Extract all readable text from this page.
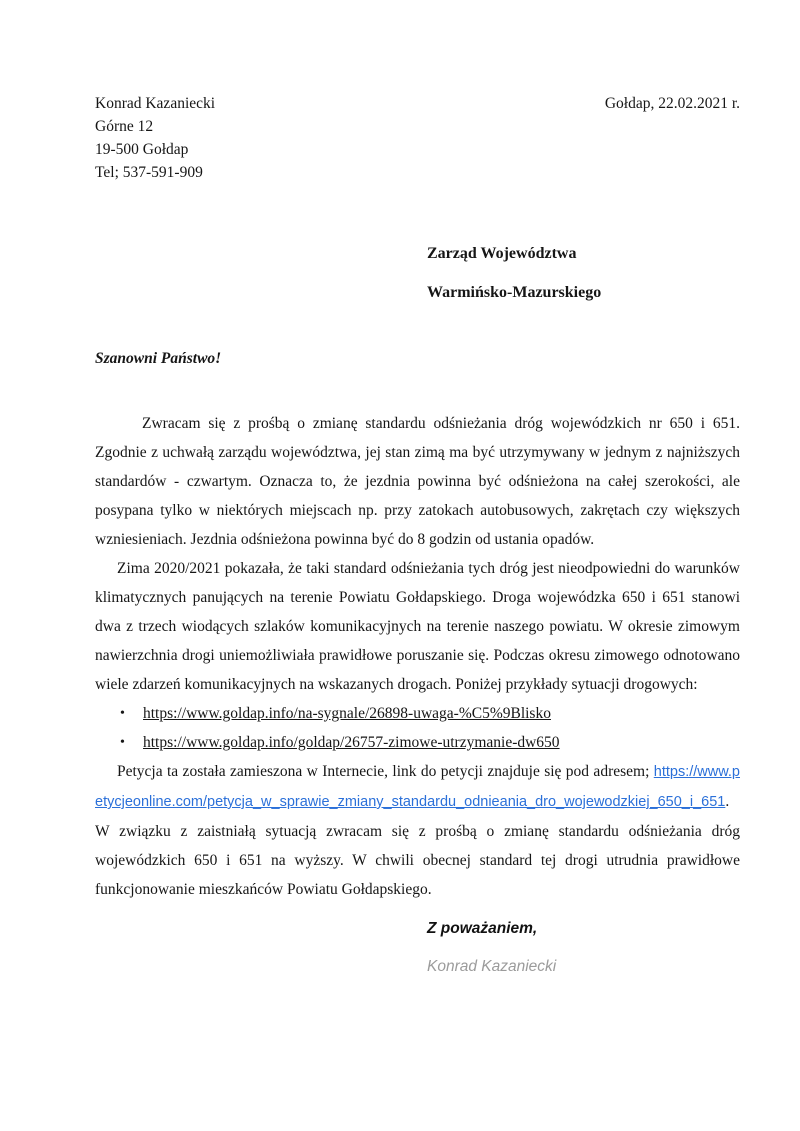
Konrad Kazaniecki
Górne 12
19-500 Gołdap
Tel; 537-591-909
Gołdap, 22.02.2021 r.
Zarząd Województwa
Warmińsko-Mazurskiego
Szanowni Państwo!

Zwracam się z prośbą o zmianę standardu odśnieżania dróg wojewódzkich nr 650 i 651. Zgodnie z uchwałą zarządu województwa, jej stan zimą ma być utrzymywany w jednym z najniższych standardów - czwartym. Oznacza to, że jezdnia powinna być odśnieżona na całej szerokości, ale posypana tylko w niektórych miejscach np. przy zatokach autobusowych, zakrętach czy większych wzniesieniach. Jezdnia odśnieżona powinna być do 8 godzin od ustania opadów.

Zima 2020/2021 pokazała, że taki standard odśnieżania tych dróg jest nieodpowiedni do warunków klimatycznych panujących na terenie Powiatu Gołdapskiego. Droga wojewódzka 650 i 651 stanowi dwa z trzech wiodących szlaków komunikacyjnych na terenie naszego powiatu. W okresie zimowym nawierzchnia drogi uniemożliwiała prawidłowe poruszanie się. Podczas okresu zimowego odnotowano wiele zdarzeń komunikacyjnych na wskazanych drogach. Poniżej przykłady sytuacji drogowych:

•	https://www.goldap.info/na-sygnale/26898-uwaga-%C5%9Blisko
•	https://www.goldap.info/goldap/26757-zimowe-utrzymanie-dw650

Petycja ta została zamieszona w Internecie, link do petycji znajduje się pod adresem; https://www.petycjeonline.com/petycja_w_sprawie_zmiany_standardu_odnieania_dro_wojewodzkiej_650_i_651. W związku z zaistniałą sytuacją zwracam się z prośbą o zmianę standardu odśnieżania dróg wojewódzkich 650 i 651 na wyższy. W chwili obecnej standard tej drogi utrudnia prawidłowe funkcjonowanie mieszkańców Powiatu Gołdapskiego.

Z poważaniem,
Konrad Kazaniecki
